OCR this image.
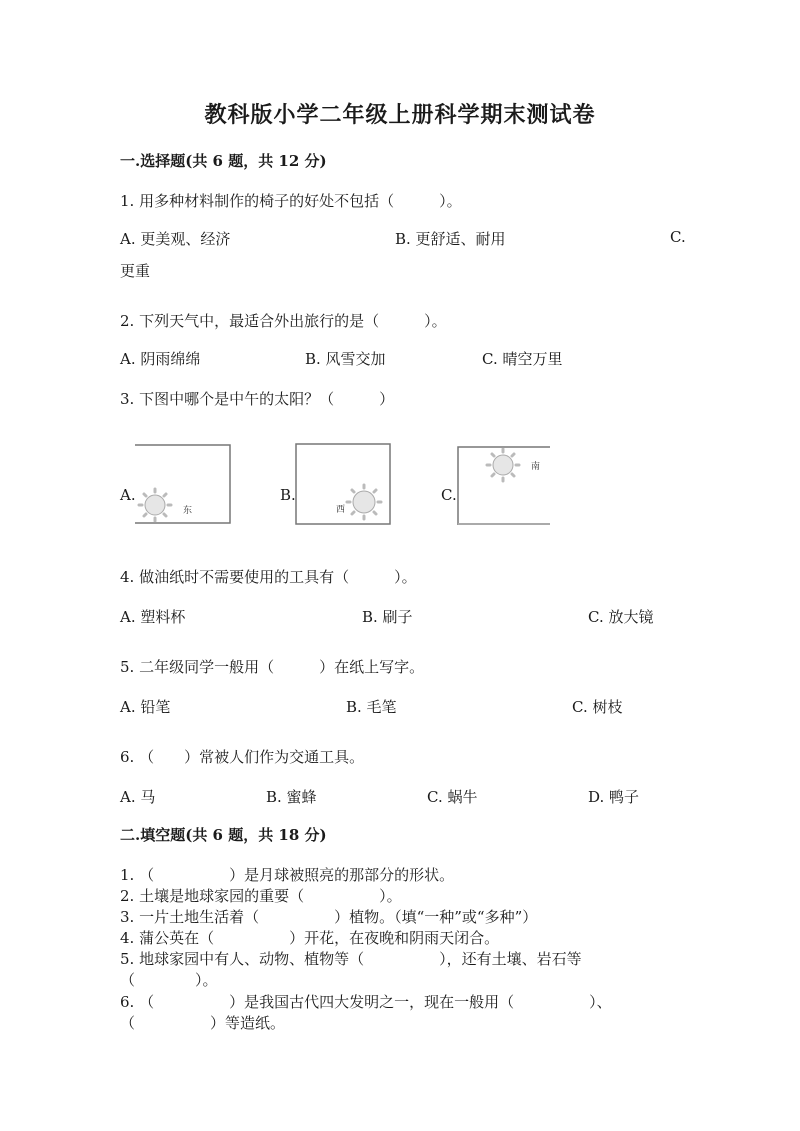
教科版小学二年级上册科学期末测试卷
一.选择题(共 6 题，共 12 分)
1. 用多种材料制作的椅子的好处不包括（　　　）。
A. 更美观、经济	B. 更舒适、耐用	C.
更重
2. 下列天气中，最适合外出旅行的是（　　　）。
A. 阴雨绵绵	B. 风雪交加	C. 晴空万里
3. 下图中哪个是中午的太阳？（　　　）
A.	B.	C.
东	西
南
4. 做油纸时不需要使用的工具有（　　　）。
A. 塑料杯	B. 刷子	C. 放大镜
5. 二年级同学一般用（　　　）在纸上写字。
A. 铅笔	B. 毛笔	C. 树枝
6. （　　）常被人们作为交通工具。
A. 马	B. 蜜蜂	C. 蜗牛	D. 鸭子
二.填空题(共 6 题，共 18 分)
1. （　　　　　）是月球被照亮的那部分的形状。
2. 土壤是地球家园的重要（　　　　　）。
3. 一片土地生活着（　　　　　）植物。（填“一种”或“多种”）
4. 蒲公英在（　　　　　）开花，在夜晚和阴雨天闭合。
5. 地球家园中有人、动物、植物等（　　　　　），还有土壤、岩石等
（　　　　）。
6. （　　　　　）是我国古代四大发明之一，现在一般用（　　　　　）、
（　　　　　）等造纸。
